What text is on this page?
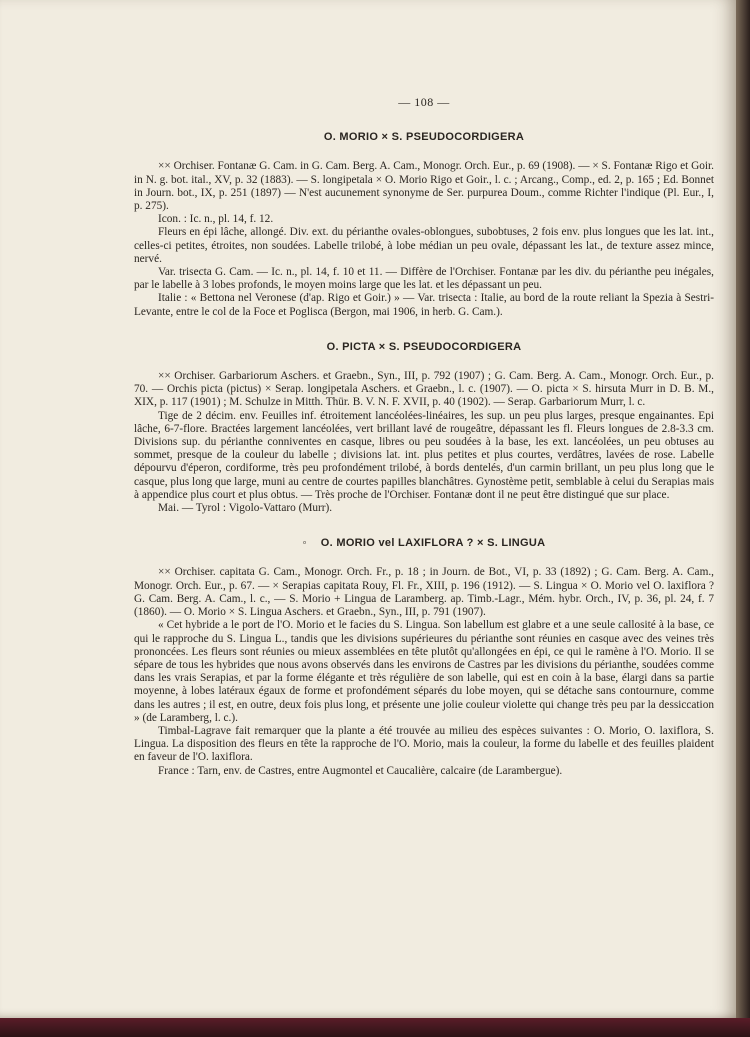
— 108 —
O. MORIO × S. PSEUDOCORDIGERA

×× Orchiser. Fontanæ G. Cam. in G. Cam. Berg. A. Cam., Monogr. Orch. Eur., p. 69 (1908). — × S. Fontanæ Rigo et Goir. in N. g. bot. ital., XV, p. 32 (1883). — S. longipetala × O. Morio Rigo et Goir., l. c. ; Arcang., Comp., ed. 2, p. 165 ; Ed. Bonnet in Journ. bot., IX, p. 251 (1897) — N'est aucunement synonyme de Ser. purpurea Doum., comme Richter l'indique (Pl. Eur., I, p. 275).

Icon. : Ic. n., pl. 14, f. 12.

Fleurs en épi lâche, allongé. Div. ext. du périanthe ovales-oblongues, subobtuses, 2 fois env. plus longues que les lat. int., celles-ci petites, étroites, non soudées. Labelle trilobé, à lobe médian un peu ovale, dépassant les lat., de texture assez mince, nervé.

Var. trisecta G. Cam. — Ic. n., pl. 14, f. 10 et 11. — Diffère de l'Orchiser. Fontanæ par les div. du périanthe peu inégales, par le labelle à 3 lobes profonds, le moyen moins large que les lat. et les dépassant un peu.

Italie : « Bettona nel Veronese (d'ap. Rigo et Goir.) » — Var. trisecta : Italie, au bord de la route reliant la Spezia à Sestri-Levante, entre le col de la Foce et Poglisca (Bergon, mai 1906, in herb. G. Cam.).

O. PICTA × S. PSEUDOCORDIGERA

×× Orchiser. Garbariorum Aschers. et Graebn., Syn., III, p. 792 (1907) ; G. Cam. Berg. A. Cam., Monogr. Orch. Eur., p. 70. — Orchis picta (pictus) × Serap. longipetala Aschers. et Graebn., l. c. (1907). — O. picta × S. hirsuta Murr in D. B. M., XIX, p. 117 (1901) ; M. Schulze in Mitth. Thür. B. V. N. F. XVII, p. 40 (1902). — Serap. Garbariorum Murr, l. c.

Tige de 2 décim. env. Feuilles inf. étroitement lancéolées-linéaires, les sup. un peu plus larges, presque engainantes. Epi lâche, 6-7-flore. Bractées largement lancéolées, vert brillant lavé de rougeâtre, dépassant les fl. Fleurs longues de 2.8-3.3 cm. Divisions sup. du périanthe conniventes en casque, libres ou peu soudées à la base, les ext. lancéolées, un peu obtuses au sommet, presque de la couleur du labelle ; divisions lat. int. plus petites et plus courtes, verdâtres, lavées de rose. Labelle dépourvu d'éperon, cordiforme, très peu profondément trilobé, à bords dentelés, d'un carmin brillant, un peu plus long que le casque, plus long que large, muni au centre de courtes papilles blanchâtres. Gynostème petit, semblable à celui du Serapias mais à appendice plus court et plus obtus. — Très proche de l'Orchiser. Fontanæ dont il ne peut être distingué que sur place.

Mai. — Tyrol : Vigolo-Vattaro (Murr).

◦ O. MORIO vel LAXIFLORA ? × S. LINGUA

×× Orchiser. capitata G. Cam., Monogr. Orch. Fr., p. 18 ; in Journ. de Bot., VI, p. 33 (1892) ; G. Cam. Berg. A. Cam., Monogr. Orch. Eur., p. 67. — × Serapias capitata Rouy, Fl. Fr., XIII, p. 196 (1912). — S. Lingua × O. Morio vel O. laxiflora ? G. Cam. Berg. A. Cam., l. c., — S. Morio + Lingua de Laramberg. ap. Timb.-Lagr., Mém. hybr. Orch., IV, p. 36, pl. 24, f. 7 (1860). — O. Morio × S. Lingua Aschers. et Graebn., Syn., III, p. 791 (1907).

« Cet hybride a le port de l'O. Morio et le facies du S. Lingua. Son labellum est glabre et a une seule callosité à la base, ce qui le rapproche du S. Lingua L., tandis que les divisions supérieures du périanthe sont réunies en casque avec des veines très prononcées. Les fleurs sont réunies ou mieux assemblées en tête plutôt qu'allongées en épi, ce qui le ramène à l'O. Morio. Il se sépare de tous les hybrides que nous avons observés dans les environs de Castres par les divisions du périanthe, soudées comme dans les vrais Serapias, et par la forme élégante et très régulière de son labelle, qui est en coin à la base, élargi dans sa partie moyenne, à lobes latéraux égaux de forme et profondément séparés du lobe moyen, qui se détache sans contournure, comme dans les autres ; il est, en outre, deux fois plus long, et présente une jolie couleur violette qui change très peu par la dessiccation » (de Laramberg, l. c.).

Timbal-Lagrave fait remarquer que la plante a été trouvée au milieu des espèces suivantes : O. Morio, O. laxiflora, S. Lingua. La disposition des fleurs en tête la rapproche de l'O. Morio, mais la couleur, la forme du labelle et des feuilles plaident en faveur de l'O. laxiflora.

France : Tarn, env. de Castres, entre Augmontel et Caucalière, calcaire (de Larambergue).
